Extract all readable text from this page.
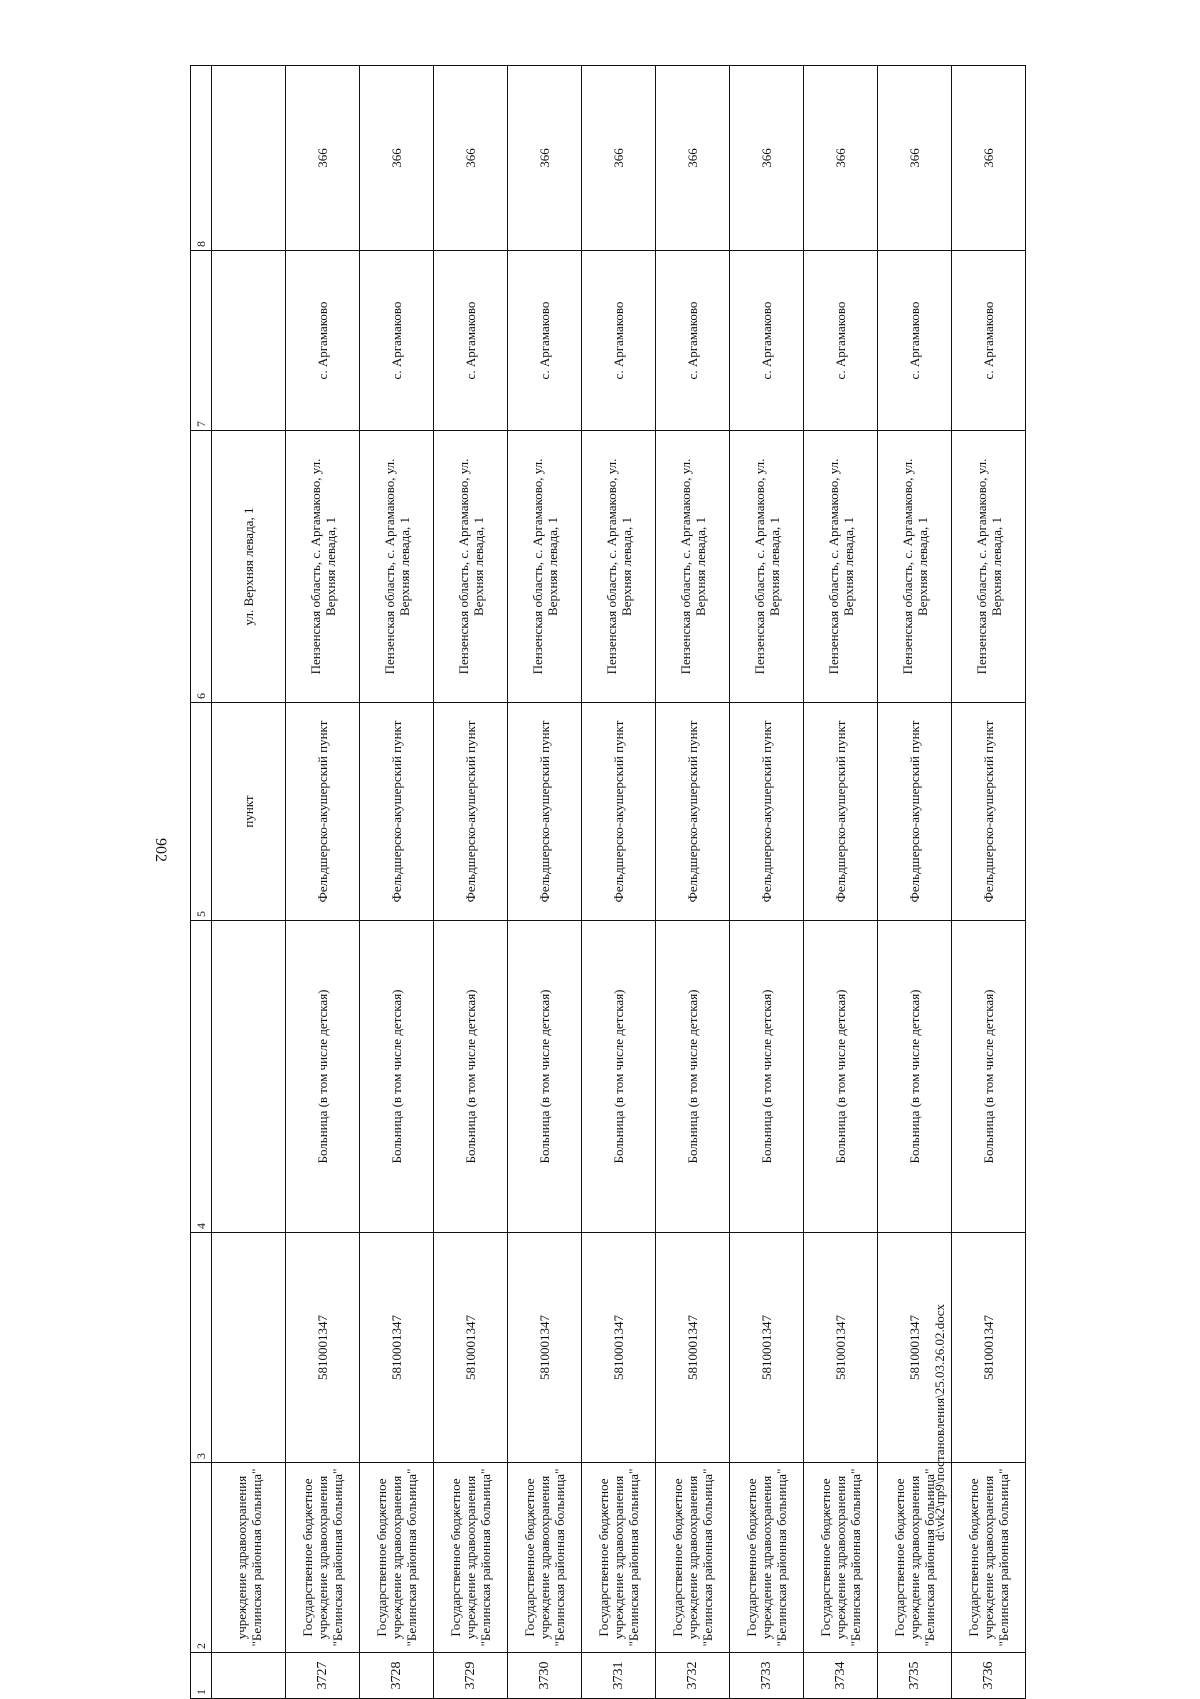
902
1	2	3	4	5	6	7	8
	учреждение здравоохранения "Белинская районная больница"			пункт	ул. Верхняя левада, 1		
3727	Государственное бюджетное учреждение здравоохранения "Белинская районная больница"	5810001347	Больница (в том числе детская)	Фельдшерско-акушерский пункт	Пензенская область, с. Аргамаково, ул. Верхняя левада, 1	с. Аргамаково	366
3728	Государственное бюджетное учреждение здравоохранения "Белинская районная больница"	5810001347	Больница (в том числе детская)	Фельдшерско-акушерский пункт	Пензенская область, с. Аргамаково, ул. Верхняя левада, 1	с. Аргамаково	366
3729	Государственное бюджетное учреждение здравоохранения "Белинская районная больница"	5810001347	Больница (в том числе детская)	Фельдшерско-акушерский пункт	Пензенская область, с. Аргамаково, ул. Верхняя левада, 1	с. Аргамаково	366
3730	Государственное бюджетное учреждение здравоохранения "Белинская районная больница"	5810001347	Больница (в том числе детская)	Фельдшерско-акушерский пункт	Пензенская область, с. Аргамаково, ул. Верхняя левада, 1	с. Аргамаково	366
3731	Государственное бюджетное учреждение здравоохранения "Белинская районная больница"	5810001347	Больница (в том числе детская)	Фельдшерско-акушерский пункт	Пензенская область, с. Аргамаково, ул. Верхняя левада, 1	с. Аргамаково	366
3732	Государственное бюджетное учреждение здравоохранения "Белинская районная больница"	5810001347	Больница (в том числе детская)	Фельдшерско-акушерский пункт	Пензенская область, с. Аргамаково, ул. Верхняя левада, 1	с. Аргамаково	366
3733	Государственное бюджетное учреждение здравоохранения "Белинская районная больница"	5810001347	Больница (в том числе детская)	Фельдшерско-акушерский пункт	Пензенская область, с. Аргамаково, ул. Верхняя левада, 1	с. Аргамаково	366
3734	Государственное бюджетное учреждение здравоохранения "Белинская районная больница"	5810001347	Больница (в том числе детская)	Фельдшерско-акушерский пункт	Пензенская область, с. Аргамаково, ул. Верхняя левада, 1	с. Аргамаково	366
3735	Государственное бюджетное учреждение здравоохранения "Белинская районная больница"	5810001347	Больница (в том числе детская)	Фельдшерско-акушерский пункт	Пензенская область, с. Аргамаково, ул. Верхняя левада, 1	с. Аргамаково	366
3736	Государственное бюджетное учреждение здравоохранения "Белинская районная больница"	5810001347	Больница (в том числе детская)	Фельдшерско-акушерский пункт	Пензенская область, с. Аргамаково, ул. Верхняя левада, 1	с. Аргамаково	366
d:\vk2\пр9\постановления\25.03.26.02.docx
